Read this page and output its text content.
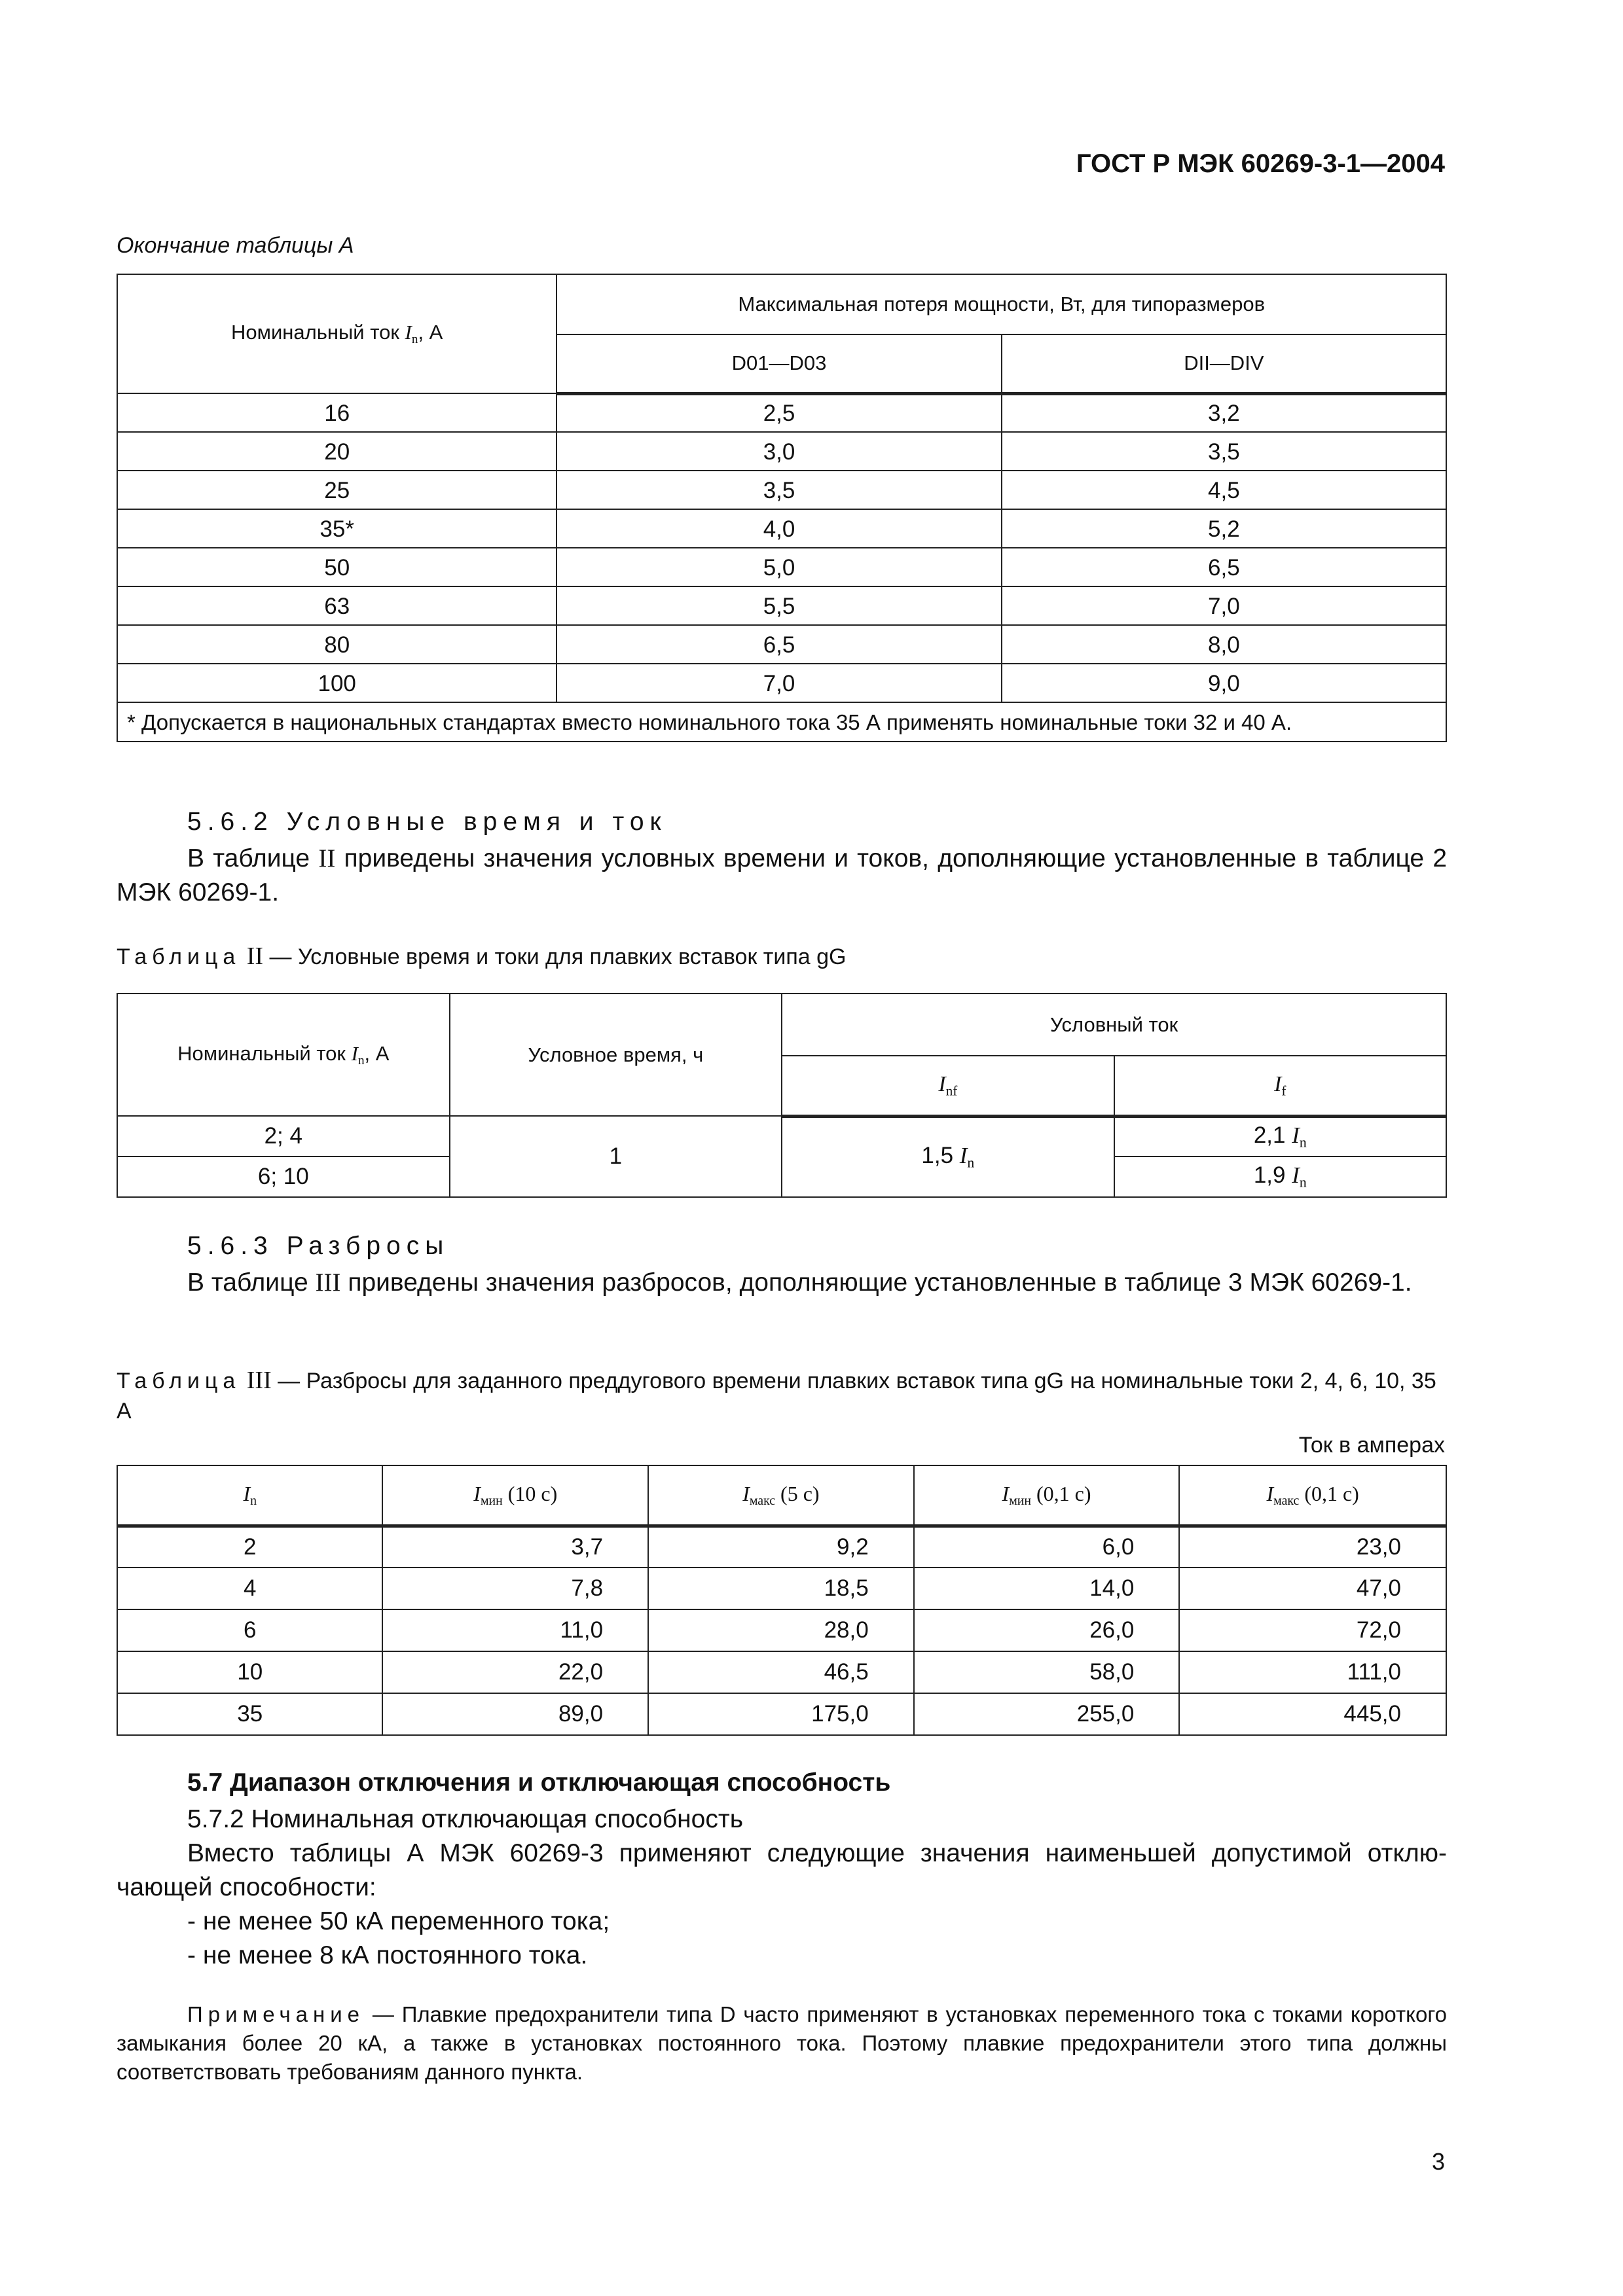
ГОСТ Р МЭК 60269-3-1—2004
Окончание таблицы А
Номинальный ток $I_n$, А	Максимальная потеря мощности, Вт, для типоразмеров	
	D01—D03	DII—DIV
16	2,5	3,2
20	3,0	3,5
25	3,5	4,5
35*	4,0	5,2
50	5,0	6,5
63	5,5	7,0
80	6,5	8,0
100	7,0	9,0
* Допускается в национальных стандартах вместо номинального тока 35 А применять номинальные токи 32 и 40 А.		
5.6.2 Условные время и ток
В таблице II приведены значения условных времени и токов, дополняющие установленные в таблице 2 МЭК 60269-1.
Таблица II — Условные время и токи для плавких вставок типа gG
Номинальный ток $I_n$, А	Условное время, ч	Условный ток	
		$I_{nf}$	$I_f$
2; 4	1	1,5 $I_n$	2,1 $I_n$
6; 10			1,9 $I_n$
5.6.3 Разбросы
В таблице III приведены значения разбросов, дополняющие установленные в таблице 3 МЭК 60269-1.
Таблица III — Разбросы для заданного преддугового времени плавких вставок типа gG на номинальные токи 2, 4, 6, 10, 35 А
Ток в амперах
$I_n$	$I_{мин}$ (10 с)	$I_{макс}$ (5 с)	$I_{мин}$ (0,1 с)	$I_{макс}$ (0,1 с)
2	3,7	9,2	6,0	23,0
4	7,8	18,5	14,0	47,0
6	11,0	28,0	26,0	72,0
10	22,0	46,5	58,0	111,0
35	89,0	175,0	255,0	445,0
5.7 Диапазон отключения и отключающая способность
5.7.2 Номинальная отключающая способность
Вместо таблицы А МЭК 60269-3 применяют следующие значения наименьшей допустимой отклю-чающей способности:
- не менее 50 кА переменного тока;
- не менее 8 кА постоянного тока.
Примечание — Плавкие предохранители типа D часто применяют в установках переменного тока с токами короткого замыкания более 20 кА, а также в установках постоянного тока. Поэтому плавкие предохранители этого типа должны соответствовать требованиям данного пункта.
3
